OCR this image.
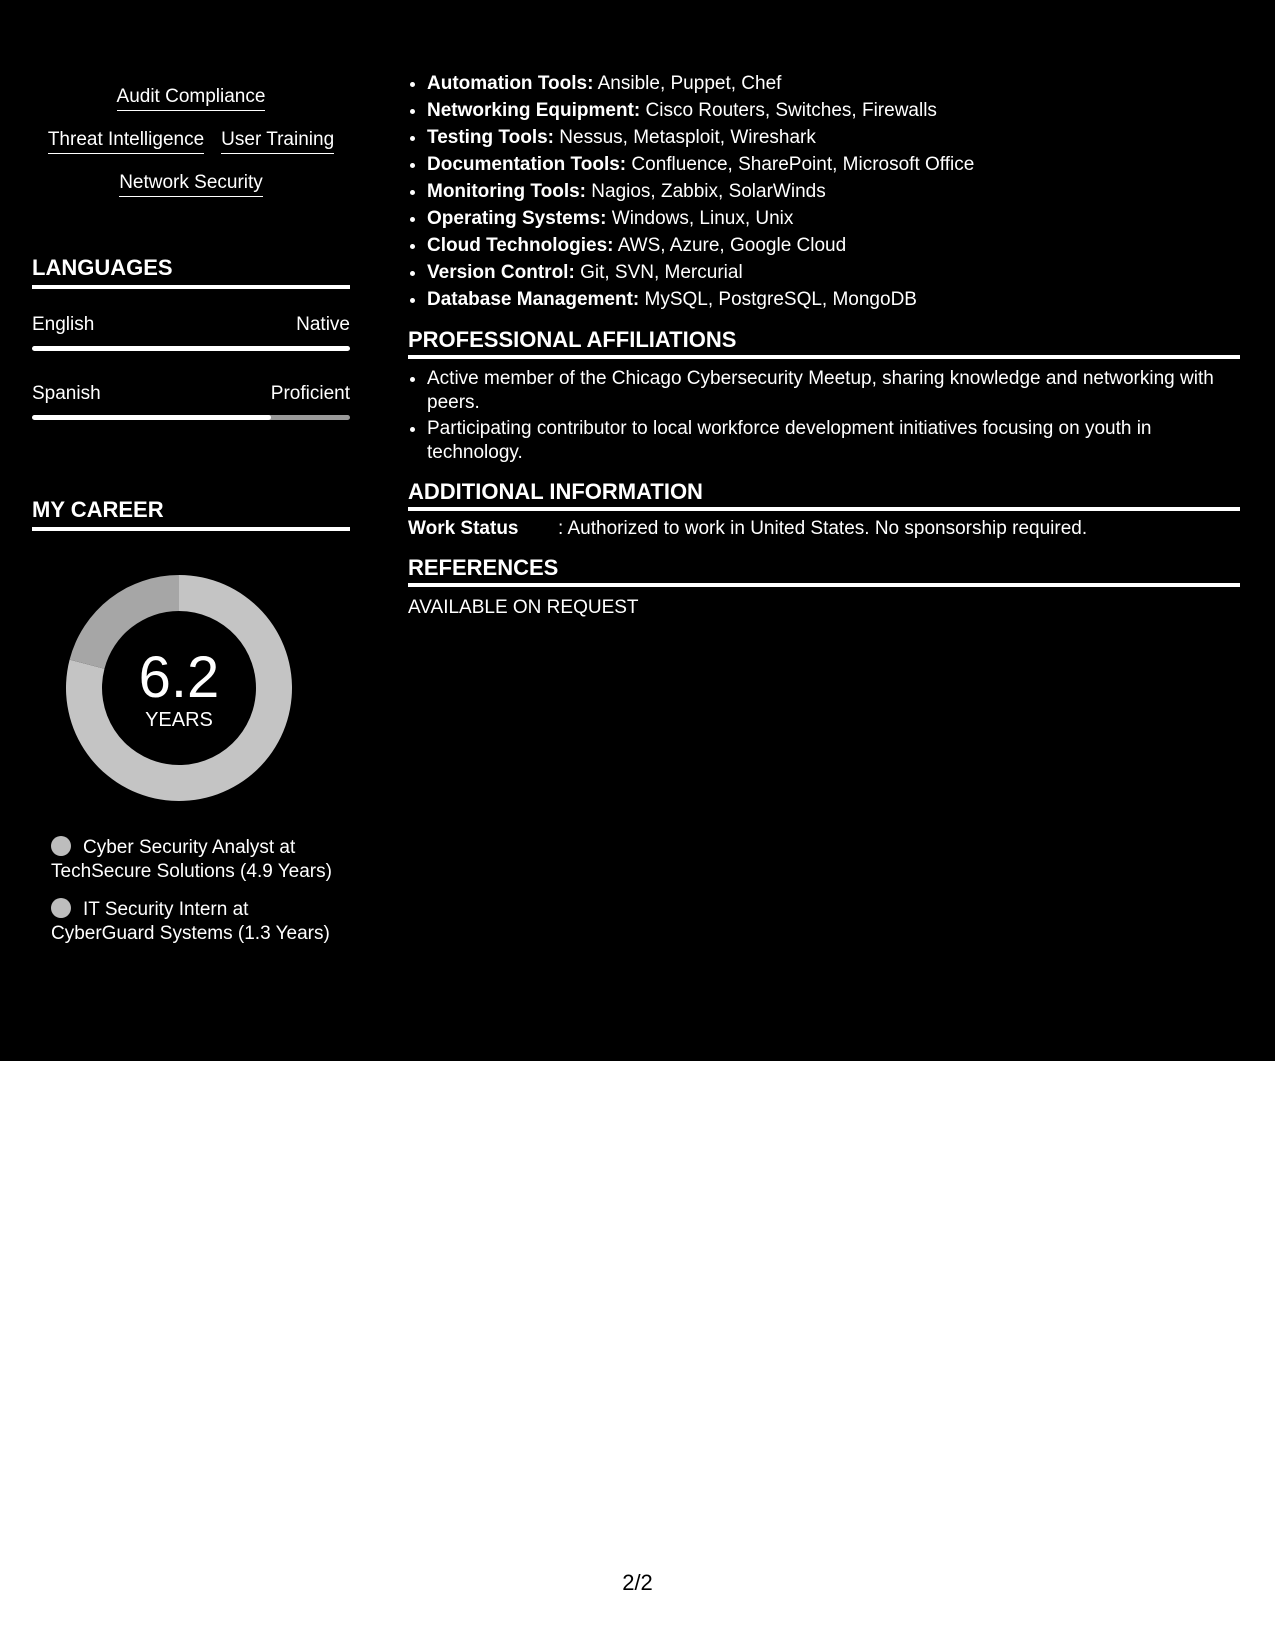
Audit Compliance
Threat Intelligence User Training
Network Security
LANGUAGES
English	Native
Spanish	Proficient
MY CAREER
6.2
YEARS
Cyber Security Analyst at TechSecure Solutions (4.9 Years)
IT Security Intern at CyberGuard Systems (1.3 Years)
• Automation Tools: Ansible, Puppet, Chef
• Networking Equipment: Cisco Routers, Switches, Firewalls
• Testing Tools: Nessus, Metasploit, Wireshark
• Documentation Tools: Confluence, SharePoint, Microsoft Office
• Monitoring Tools: Nagios, Zabbix, SolarWinds
• Operating Systems: Windows, Linux, Unix
• Cloud Technologies: AWS, Azure, Google Cloud
• Version Control: Git, SVN, Mercurial
• Database Management: MySQL, PostgreSQL, MongoDB
PROFESSIONAL AFFILIATIONS
• Active member of the Chicago Cybersecurity Meetup, sharing knowledge and networking with peers.
• Participating contributor to local workforce development initiatives focusing on youth in technology.
ADDITIONAL INFORMATION
Work Status	: Authorized to work in United States. No sponsorship required.
REFERENCES
AVAILABLE ON REQUEST
2/2
